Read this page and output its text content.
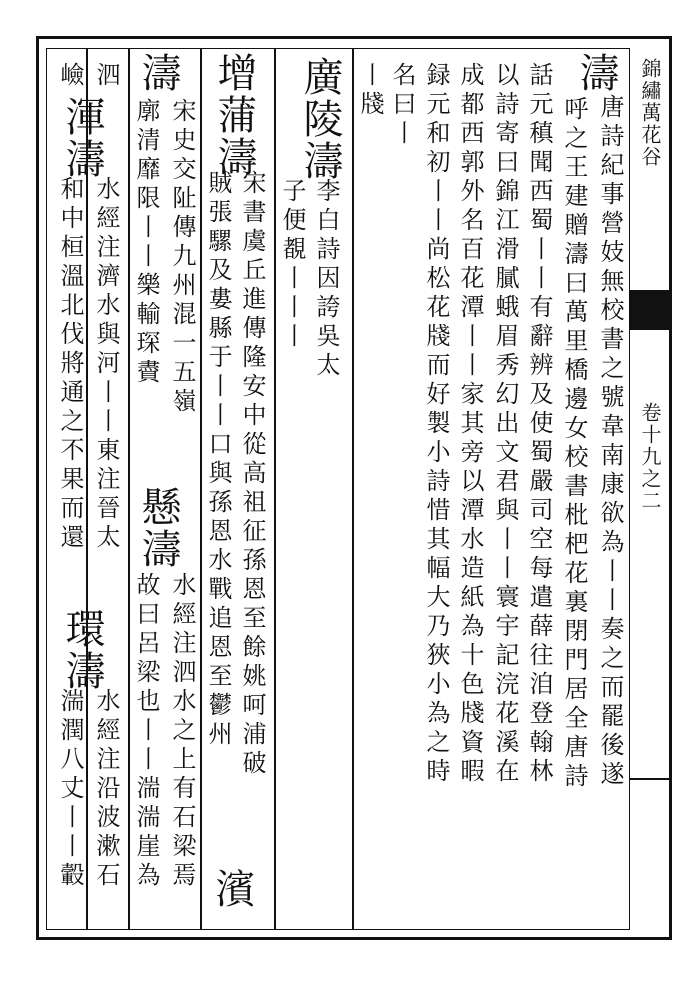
錦繡萬花谷
卷十九之二
濤
唐詩紀事營妓無校書之號韋南康欲為丨丨奏之而罷後遂
呼之王建贈濤曰萬里橋邊女校書枇杷花裏閉門居全唐詩
話元稹聞西蜀丨丨有辭辨及使蜀嚴司空每遣薛往洎登翰林
以詩寄曰錦江滑膩蛾眉秀幻出文君與丨丨寰宇記浣花溪在
成都西郭外名百花潭丨丨家其旁以潭水造紙為十色牋資暇
録元和初丨丨尚松花牋而好製小詩惜其幅大乃狹小為之時
名曰丨
丨牋
廣陵濤
李白詩因誇吳太
子便覩丨丨丨
增蒲濤
宋書虞丘進傳隆安中從高祖征孫恩至餘姚呵浦破
賊張騾及婁縣于丨丨口與孫恩水戰追恩至鬱州
濱
濤
宋史交阯傳九州混一五嶺
廓清靡限丨丨樂輸琛賮
懸濤
水經注泗水之上有石梁焉
故曰呂梁也丨丨湍湍崖為
泗
嶮
渾濤
水經注濟水與河丨丨東注晉太
和中桓溫北伐將通之不果而還
環濤
水經注沿波漱石
湍潤八丈丨丨轂
